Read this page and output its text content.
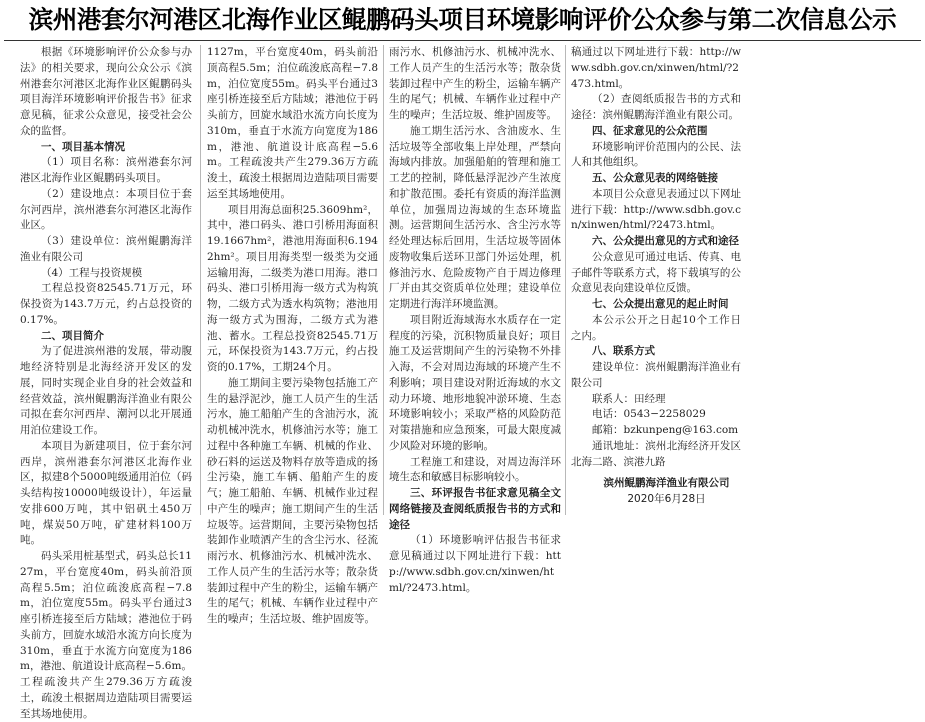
滨州港套尔河港区北海作业区鲲鹏码头项目环境影响评价公众参与第二次信息公示

根据《环境影响评价公众参与办法》的相关要求，现向公众公示《滨州港套尔河港区北海作业区鲲鹏码头项目海洋环境影响评价报告书》征求意见稿，征求公众意见，接受社会公众的监督。

一、项目基本情况

（1）项目名称：滨州港套尔河港区北海作业区鲲鹏码头项目。

（2）建设地点：本项目位于套尔河西岸，滨州港套尔河港区北海作业区。

（3）建设单位：滨州鲲鹏海洋渔业有限公司

（4）工程与投资规模

工程总投资82545.71万元，环保投资为143.7万元，约占总投资的0.17%。

二、项目简介

为了促进滨州港的发展，带动腹地经济特别是北海经济开发区的发展，同时实现企业自身的社会效益和经营效益，滨州鲲鹏海洋渔业有限公司拟在套尔河西岸、潮河以北开展通用泊位建设工作。

本项目为新建项目，位于套尔河西岸，滨州港套尔河港区北海作业区，拟建8个5000吨级通用泊位（码头结构按10000吨级设计），年运量安排600万吨，其中铝矾土450万吨，煤炭50万吨，矿建材料100万吨。

码头采用桩基型式，码头总长1127m，平台宽度40m，码头前沿顶高程5.5m；泊位疏浚底高程−7.8m，泊位宽度55m。码头平台通过3座引桥连接至后方陆域；港池位于码头前方，回旋水域沿水流方向长度为310m，垂直于水流方向宽度为186m，港池、航道设计底高程−5.6m。工程疏浚共产生279.36万方疏浚土，疏浚土根据周边造陆项目需要运至其场地使用。

1127m，平台宽度40m，码头前沿顶高程5.5m；泊位疏浚底高程−7.8m，泊位宽度55m。码头平台通过3座引桥连接至后方陆域；港池位于码头前方，回旋水域沿水流方向长度为310m，垂直于水流方向宽度为186m，港池、航道设计底高程−5.6m。工程疏浚共产生279.36万方疏浚土，疏浚土根据周边造陆项目需要运至其场地使用。

项目用海总面积25.3609hm²，其中，港口码头、港口引桥用海面积19.1667hm²，港池用海面积6.1942hm²。项目用海类型一级类为交通运输用海，二级类为港口用海。港口码头、港口引桥用海一级方式为构筑物，二级方式为透水构筑物；港池用海一级方式为围海，二级方式为港池、蓄水。工程总投资82545.71万元，环保投资为143.7万元，约占投资的0.17%，工期24个月。

施工期间主要污染物包括施工产生的悬浮泥沙，施工人员产生的生活污水，施工船舶产生的含油污水，流动机械冲洗水，机修油污水等；施工过程中各种施工车辆、机械的作业、砂石料的运送及物料存放等造成的扬尘污染，施工车辆、船舶产生的废气；施工船舶、车辆、机械作业过程中产生的噪声；施工期间产生的生活垃圾等。运营期间，主要污染物包括装卸作业喷洒产生的含尘污水、径流雨污水、机修油污水、机械冲洗水、工作人员产生的生活污水等；散杂货装卸过程中产生的粉尘，运输车辆产生的尾气；机械、车辆作业过程中产生的噪声；生活垃圾、维护固废等。

雨污水、机修油污水、机械冲洗水、工作人员产生的生活污水等；散杂货装卸过程中产生的粉尘，运输车辆产生的尾气；机械、车辆作业过程中产生的噪声；生活垃圾、维护固废等。

施工期生活污水、含油废水、生活垃圾等全部收集上岸处理，严禁向海域内排放。加强船舶的管理和施工工艺的控制，降低悬浮泥沙产生浓度和扩散范围。委托有资质的海洋监测单位，加强周边海域的生态环境监测。运营期间生活污水、含尘污水等经处理达标后回用，生活垃圾等固体废物收集后送环卫部门外运处理，机修油污水、危险废物产自于周边修理厂并由其交资质单位处理；建设单位定期进行海洋环境监测。

项目附近海域海水水质存在一定程度的污染，沉积物质量良好；项目施工及运营期间产生的污染物不外排入海，不会对周边海域的环境产生不利影响；项目建设对附近海域的水文动力环境、地形地貌冲淤环境、生态环境影响较小；采取严格的风险防范对策措施和应急预案，可最大限度减少风险对环境的影响。

工程施工和建设，对周边海洋环境生态和敏感目标影响较小。

三、环评报告书征求意见稿全文网络链接及查阅纸质报告书的方式和途径

（1）环境影响评估报告书征求意见稿通过以下网址进行下载：http://www.sdbh.gov.cn/xinwen/html/?2473.html。

稿通过以下网址进行下载：http://www.sdbh.gov.cn/xinwen/html/?2473.html。

（2）查阅纸质报告书的方式和途径：滨州鲲鹏海洋渔业有限公司。

四、征求意见的公众范围

环境影响评价范围内的公民、法人和其他组织。

五、公众意见表的网络链接

本项目公众意见表通过以下网址进行下载：http://www.sdbh.gov.cn/xinwen/html/?2473.html。

六、公众提出意见的方式和途径

公众意见可通过电话、传真、电子邮件等联系方式，将下载填写的公众意见表向建设单位反馈。

七、公众提出意见的起止时间

本公示公开之日起10个工作日之内。

八、联系方式

建设单位：滨州鲲鹏海洋渔业有限公司

联系人：田经理

电话：0543−2258029

邮箱：bzkunpeng@163.com

通讯地址：滨州北海经济开发区北海二路、滨港九路

滨州鲲鹏海洋渔业有限公司

2020年6月28日
